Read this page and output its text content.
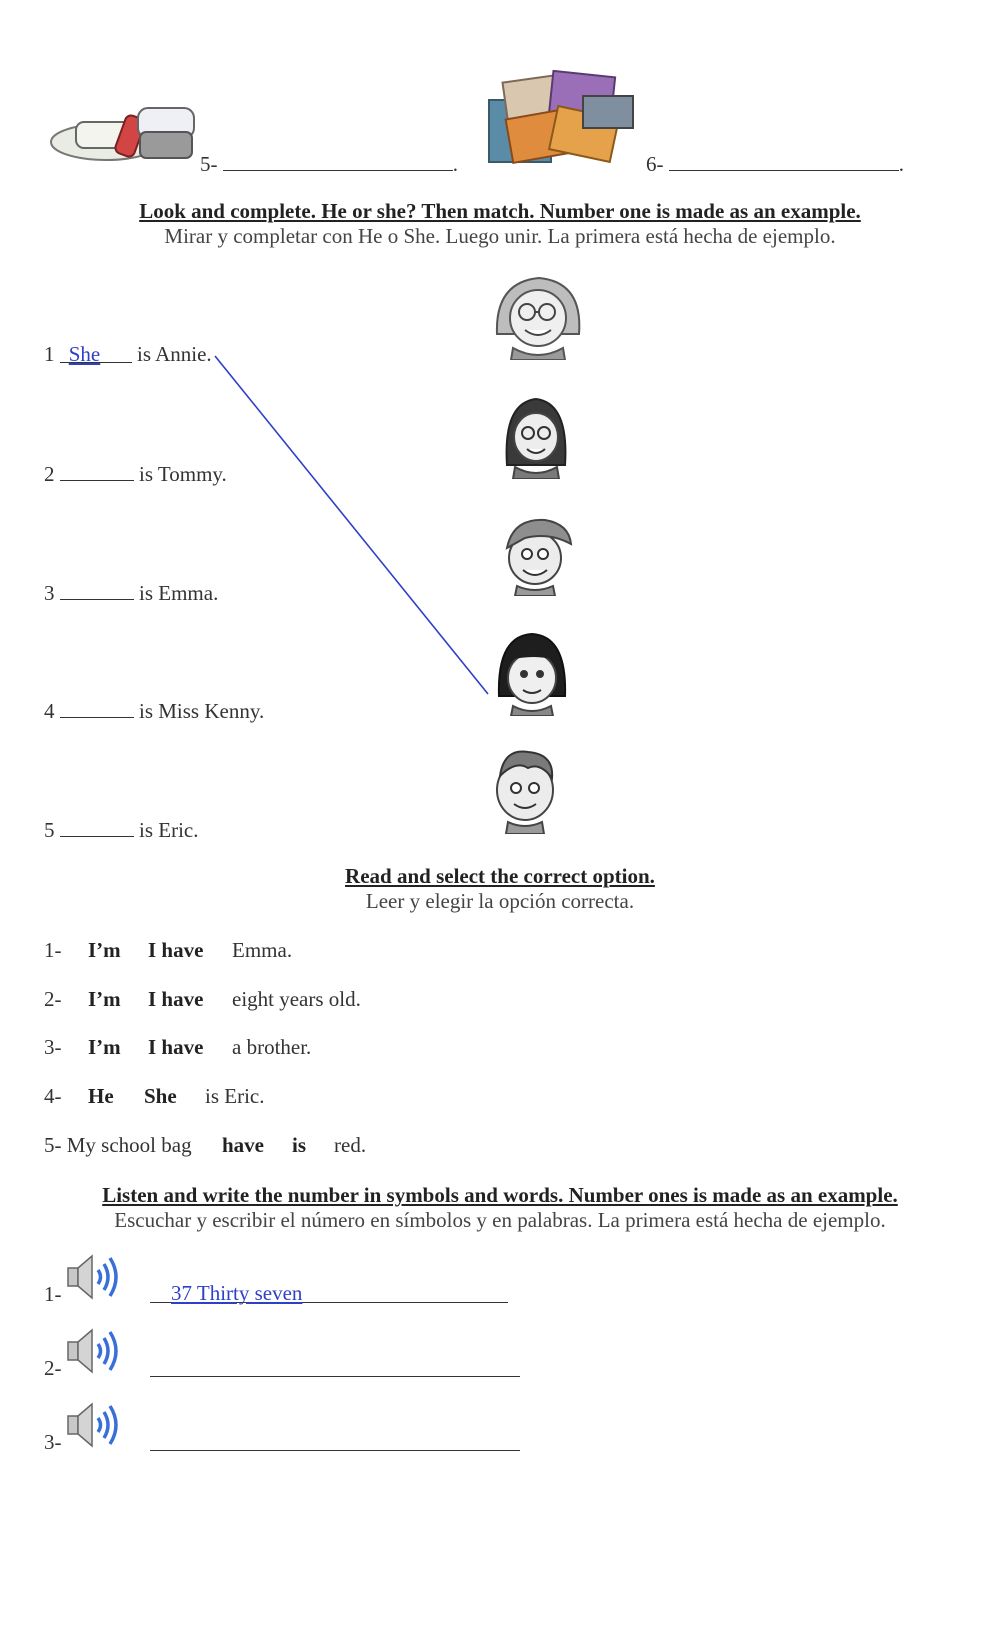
5-	.	6-	.
Look and complete. He or she? Then match. Number one is made as an example.
Mirar y completar con He o She. Luego unir. La primera está hecha de ejemplo.
1 She is Annie.
2	is Tommy.
3	is Emma.
4	is Miss Kenny.
5	is Eric.
Read and select the correct option.
Leer y elegir la opción correcta.
1- I’m I have Emma.
2- I’m I have eight years old.
3- I’m I have a brother.
4- He She is Eric.
5- My school bag have is red.
Listen and write the number in symbols and words. Number ones is made as an example.
Escuchar y escribir el número en símbolos y en palabras. La primera está hecha de ejemplo.
1-	37 Thirty seven
2-
3-
